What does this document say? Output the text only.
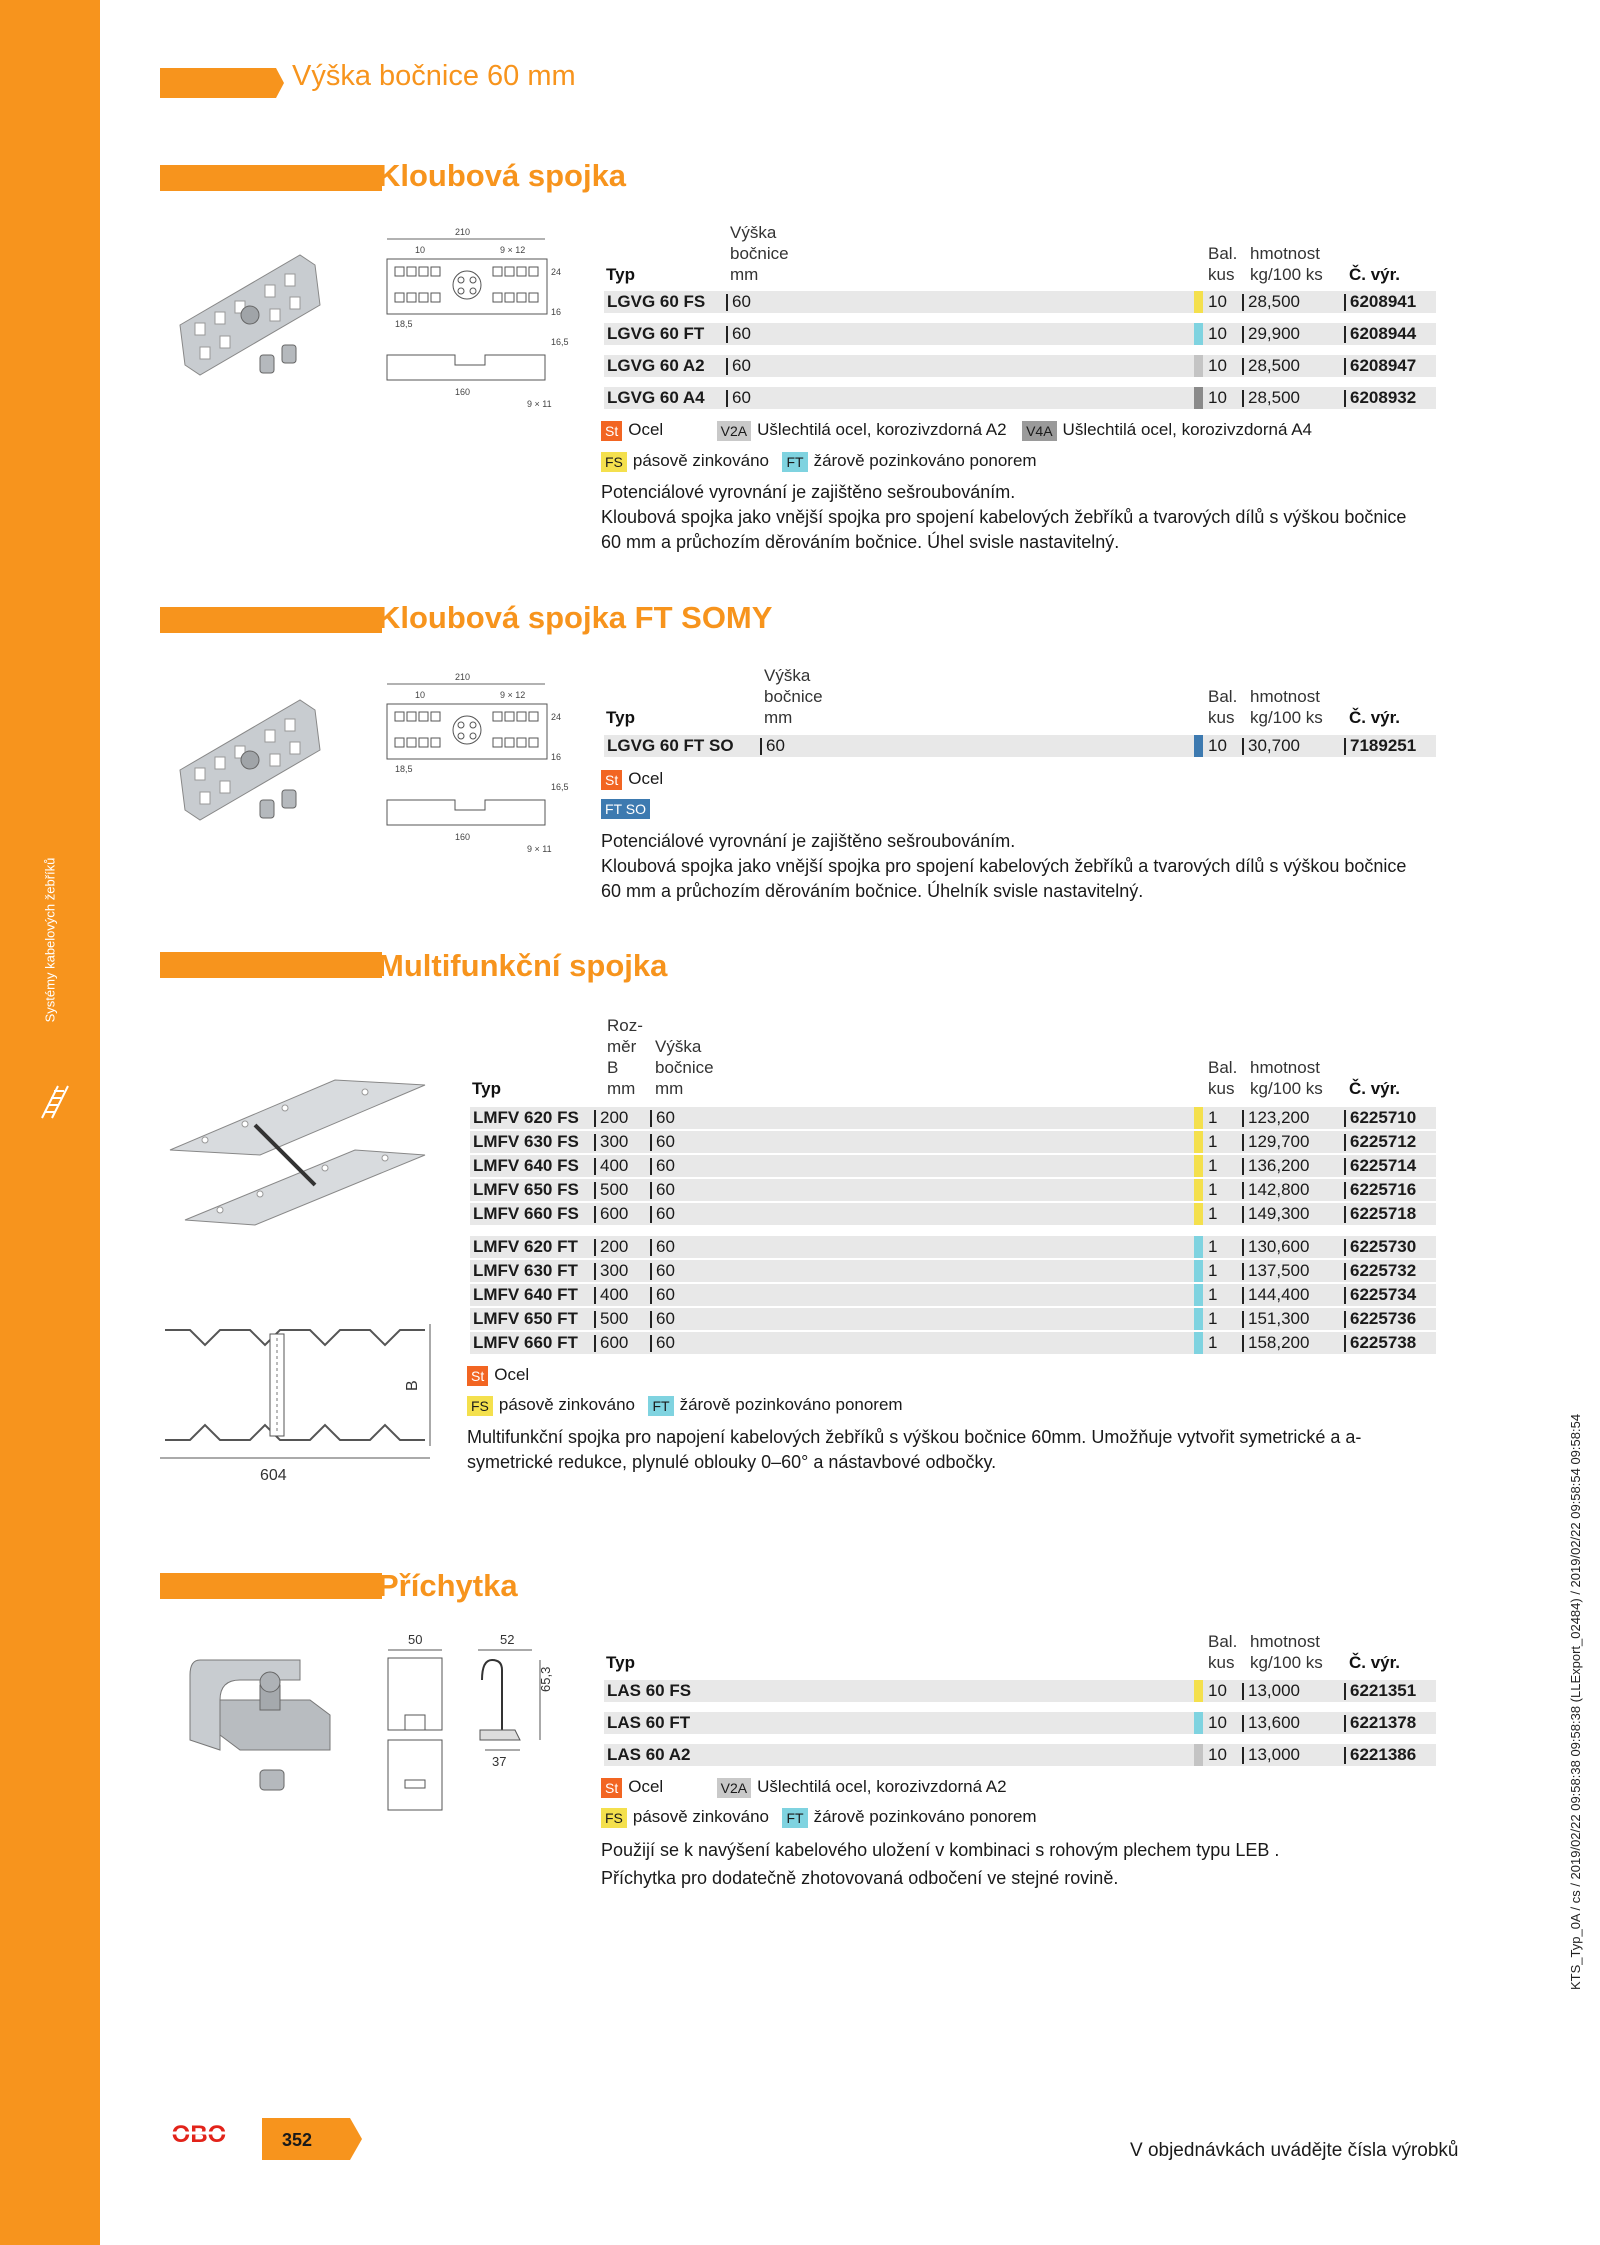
Systémy kabelových žebříků
Výška bočnice 60 mm
Kloubová spojka
210
10	9 × 12
24
18,5
16
16,5
160
9 × 11
Výška
bočnice
mm
Typ
Bal.
kus
hmotnost
kg/100 ks Č. výr.
LGVG 60 FS 60	10 28,500	6208941
LGVG 60 FT 60	10 29,900	6208944
LGVG 60 A2 60	10 28,500	6208947
LGVG 60 A4 60	10 28,500	6208932
St Ocel	V2A Ušlechtilá ocel, korozivzdorná A2 V4A Ušlechtilá ocel, korozivzdorná A4
FS pásově zinkováno FT žárově pozinkováno ponorem
Potenciálové vyrovnání je zajištěno sešroubováním.
Kloubová spojka jako vnější spojka pro spojení kabelových žebříků a tvarových dílů s výškou bočnice 60 mm a průchozím děrováním bočnice. Úhel svisle nastavitelný.
Kloubová spojka FT SOMY
210
10	9 × 12
24
18,5
16
16,5
160
9 × 11
Výška
bočnice
mm
Typ
Bal.
kus
hmotnost
kg/100 ks Č. výr.
LGVG 60 FT SO 60	10 30,700	7189251
St Ocel
FT SO
Potenciálové vyrovnání je zajištěno sešroubováním.
Kloubová spojka jako vnější spojka pro spojení kabelových žebříků a tvarových dílů s výškou bočnice 60 mm a průchozím děrováním bočnice. Úhelník svisle nastavitelný.
Multifunkční spojka
B
604
Roz-
měr
B
mm
Výška
bočnice
mm
Typ
Bal.
kus
hmotnost
kg/100 ks Č. výr.
LMFV 620 FS 200 60	1 123,200 6225710
LMFV 630 FS 300 60	1 129,700 6225712
LMFV 640 FS 400 60	1 136,200 6225714
LMFV 650 FS 500 60	1 142,800 6225716
LMFV 660 FS 600 60	1 149,300 6225718
LMFV 620 FT 200 60	1 130,600 6225730
LMFV 630 FT 300 60	1 137,500 6225732
LMFV 640 FT 400 60	1 144,400 6225734
LMFV 650 FT 500 60	1 151,300 6225736
LMFV 660 FT 600 60	1 158,200 6225738
St Ocel
FS pásově zinkováno FT žárově pozinkováno ponorem
Multifunkční spojka pro napojení kabelových žebříků s výškou bočnice 60mm. Umožňuje vytvořit symetrické a a-symetrické redukce, plynulé oblouky 0–60° a nástavbové odbočky.
Příchytka
50	52
65,3
37
Bal.
kus
hmotnost
kg/100 ks
Typ	Č. výr.
LAS 60 FS	10 13,000	6221351
LAS 60 FT	10 13,600	6221378
LAS 60 A2	10 13,000	6221386
St Ocel	V2A Ušlechtilá ocel, korozivzdorná A2
FS pásově zinkováno FT žárově pozinkováno ponorem
Použijí se k navýšení kabelového uložení v kombinaci s rohovým plechem typu LEB .
Příchytka pro dodatečně zhotovovaná odbočení ve stejné rovině.	KTS_Typ_0A / cs / 2019/02/22 09:58:38 09:58:38 (LLExport_02484) / 2019/02/22 09:58:54 09:58:54
OBO	352	V objednávkách uvádějte čísla výrobků
